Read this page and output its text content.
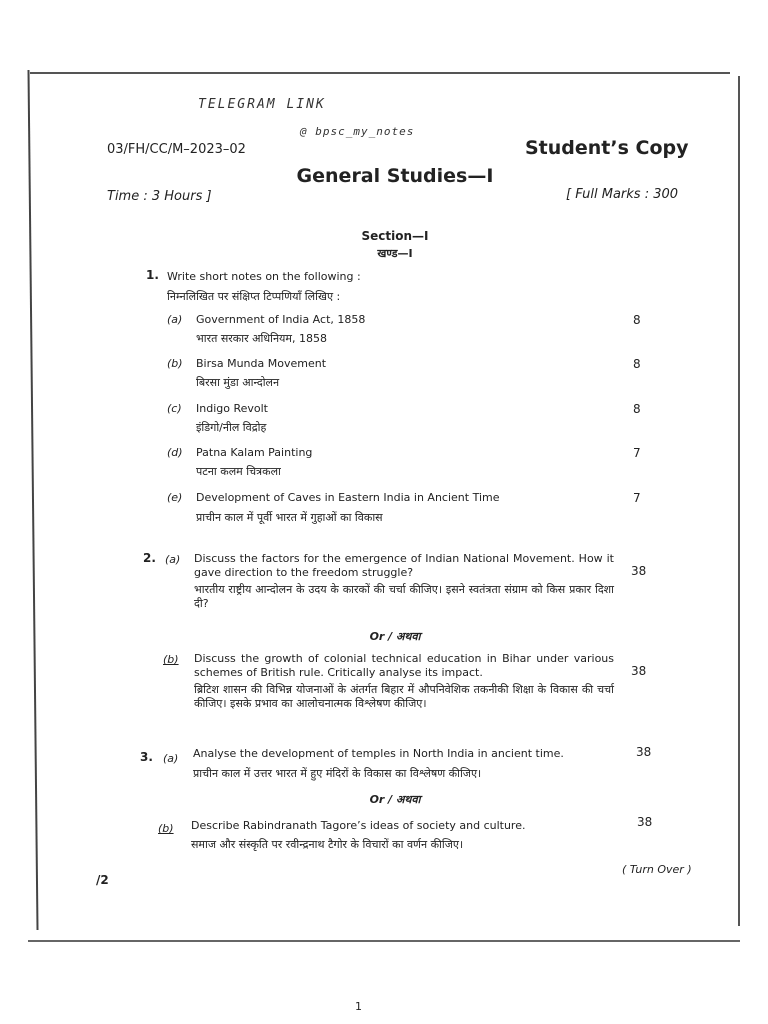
TELEGRAM LINK
@ bpsc_my_notes
03/FH/CC/M–2023–02	Student’s Copy
General Studies—I
Time : 3 Hours ]	[ Full Marks : 300
Section—I
खण्ड—I
1. Write short notes on the following :
निम्नलिखित पर संक्षिप्त टिप्पणियाँ लिखिए :
(a) Government of India Act, 1858
भारत सरकार अधिनियम, 1858
8
(b) Birsa Munda Movement
बिरसा मुंडा आन्दोलन
8
(c) Indigo Revolt
इंडिगो/नील विद्रोह
8
(d) Patna Kalam Painting
पटना कलम चित्रकला
7
(e) Development of Caves in Eastern India in Ancient Time
प्राचीन काल में पूर्वी भारत में गुहाओं का विकास
7
2. (a) Discuss the factors for the emergence of Indian National Movement. How it gave direction to the freedom struggle?

भारतीय राष्ट्रीय आन्दोलन के उदय के कारकों की चर्चा कीजिए। इसने स्वतंत्रता संग्राम को किस प्रकार दिशा दी?

38
Or / अथवा
(b) Discuss the growth of colonial technical education in Bihar under various schemes of British rule. Critically analyse its impact.

ब्रिटिश शासन की विभिन्न योजनाओं के अंतर्गत बिहार में औपनिवेशिक तकनीकी शिक्षा के विकास की चर्चा कीजिए। इसके प्रभाव का आलोचनात्मक विश्लेषण कीजिए।

38
3. (a) Analyse the development of temples in North India in ancient time.
प्राचीन काल में उत्तर भारत में हुए मंदिरों के विकास का विश्लेषण कीजिए।
38
Or / अथवा
(b) Describe Rabindranath Tagore’s ideas of society and culture.
समाज और संस्कृति पर रवीन्द्रनाथ टैगोर के विचारों का वर्णन कीजिए।
38
( Turn Over )
/2
1
